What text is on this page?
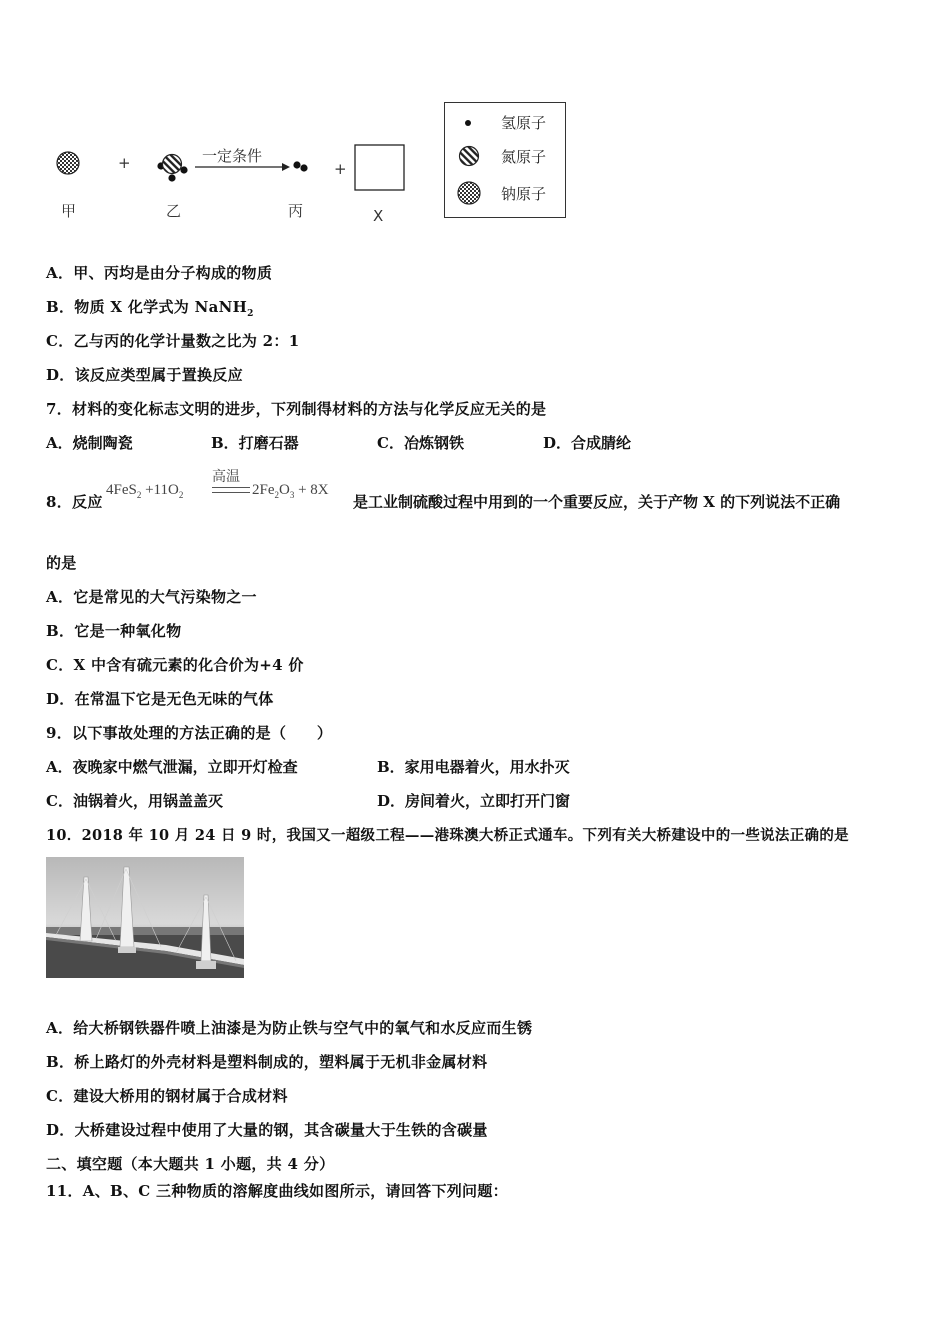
+	+
一定条件
甲	乙	丙	X
氢原子
氮原子
钠原子
A．甲、丙均是由分子构成的物质
B．物质 X 化学式为 NaNH$_2$
C．乙与丙的化学计量数之比为 2：1
D．该反应类型属于置换反应
7．材料的变化标志文明的进步，下列制得材料的方法与化学反应无关的是
A．烧制陶瓷	B．打磨石器	C．冶炼钢铁	D．合成腈纶
8．反应
$4FeS_2 +11O_2$
高温
$2Fe_2O_3 + 8X$
是工业制硫酸过程中用到的一个重要反应，关于产物 X 的下列说法不正确
的是
A．它是常见的大气污染物之一
B．它是一种氧化物
C．X 中含有硫元素的化合价为+4 价
D．在常温下它是无色无味的气体
9．以下事故处理的方法正确的是（　　）
A．夜晚家中燃气泄漏，立即开灯检查	B．家用电器着火，用水扑灭
C．油锅着火，用锅盖盖灭	D．房间着火，立即打开门窗
10．2018 年 10 月 24 日 9 时，我国又一超级工程——港珠澳大桥正式通车。下列有关大桥建设中的一些说法正确的是
A．给大桥钢铁器件喷上油漆是为防止铁与空气中的氧气和水反应而生锈
B．桥上路灯的外壳材料是塑料制成的，塑料属于无机非金属材料
C．建设大桥用的钢材属于合成材料
D．大桥建设过程中使用了大量的钢，其含碳量大于生铁的含碳量
二、填空题（本大题共 1 小题，共 4 分）
11．A、B、C 三种物质的溶解度曲线如图所示，请回答下列问题：
